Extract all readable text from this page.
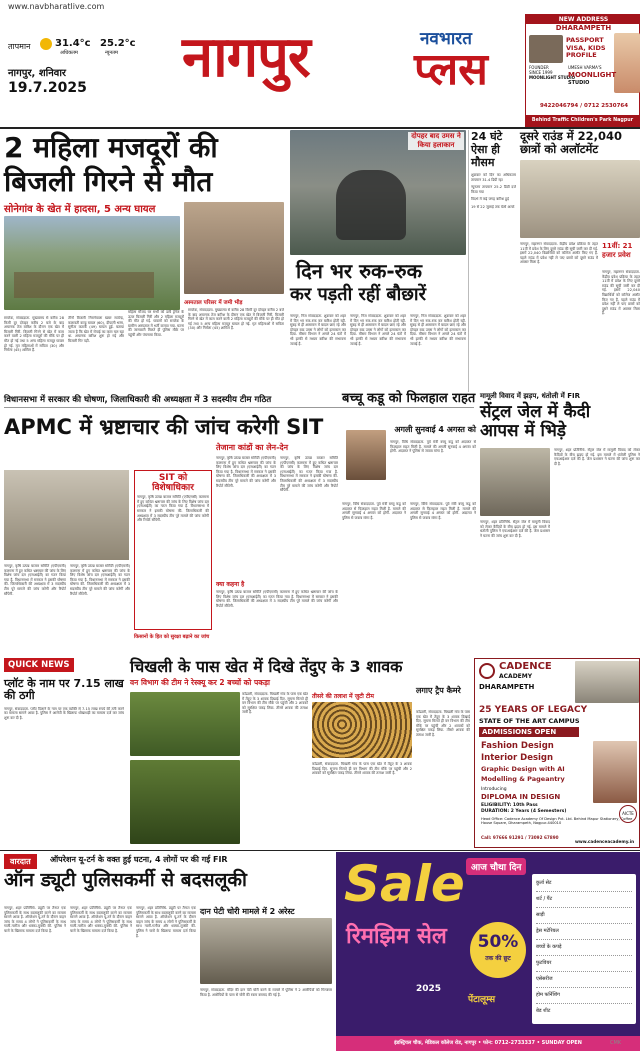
www.navbharatlive.com
तापमान 31.4°c
अधिकतम
25.2°c
न्यूनतम
नागपुर, शनिवार
19.7.2025 नागपुर	नवभारत
प्लस
NEW ADDRESS
DHARAMPETH
PASSPORT
VISA, KIDS
PROFILE
FOUNDER
SINCE 1999
MOONLIGHT STUDIO
UMESH VARMA'S
MOONLIGHT
STUDIO
9422046794 / 0712 2530764
Behind Traffic Children's Park Nagpur
2 महिला मजदूरों की
बिजली गिरने से मौत
सोनेगांव के खेत में हादसा, 5 अन्य घायल
अस्पताल परिसर में जमी भीड़
रामटेक, संवाददाता. मुख्यालय से करीब 28 किमी दूर दोपहर करीब 2 बजे के बाद अचानक तेज बारिश के दौरान एक खेत में बिजली गिरी. बिजली गिरने से खेत में काम करने वाली 2 महिला मजदूरों की मौके पर ही मौत हो गई तथा 5 अन्य महिला मजदूर घायल हो गईं. मृत महिलाओं में सविता (30) और निर्मला (45) शामिल हैं.
तीनों बिजली गिरानेवाला खबर सत्येन्द्र, कलावती करड़ू घायल (60), दीपाली भस्म, सुनीता कटाके (49) घायल हुईं. बताया जाता है कि खेत में रोपाई का काम चल रहा था. अचानक बारिश शुरू हो गई और बिजली गिर पड़ी.
महिला मौजद घर सभी को डाबै ड्रेनेज के ऊपर बिजली गिरी और 2 महिला मजदूरों की मौत हो गई. घायलों को रामटेक के ग्रामीण अस्पताल में भर्ती कराया गया. घटना की जानकारी मिलते ही पुलिस मौके पर पहुंची और पंचनामा किया.
रामटेक, संवाददाता. मुख्यालय से करीब 28 किमी दूर दोपहर करीब 2 बजे के बाद अचानक तेज बारिश के दौरान एक खेत में बिजली गिरी. बिजली गिरने से खेत में काम करने वाली 2 महिला मजदूरों की मौके पर ही मौत हो गई तथा 5 अन्य महिला मजदूर घायल हो गईं. मृत महिलाओं में सविता (30) और निर्मला (45) शामिल हैं.
दोपहर बाद उमस ने किया हलाकान
दिन भर रुक-रुक
कर पड़ती रहीं बौछारें
नागपुर, निज संवाददाता. शुक्रवार को शहर में दिन भर रुक-रुक कर बारिश होती रही. सुबह से ही आसमान में बादल छाए रहे और दोपहर बाद उमस ने लोगों को हलाकान कर दिया. मौसम विभाग ने अगले 24 घंटों में भी हल्की से मध्यम बारिश की संभावना जताई है.
नागपुर, निज संवाददाता. शुक्रवार को शहर में दिन भर रुक-रुक कर बारिश होती रही. सुबह से ही आसमान में बादल छाए रहे और दोपहर बाद उमस ने लोगों को हलाकान कर दिया. मौसम विभाग ने अगले 24 घंटों में भी हल्की से मध्यम बारिश की संभावना जताई है.
नागपुर, निज संवाददाता. शुक्रवार को शहर में दिन भर रुक-रुक कर बारिश होती रही. सुबह से ही आसमान में बादल छाए रहे और दोपहर बाद उमस ने लोगों को हलाकान कर दिया. मौसम विभाग ने अगले 24 घंटों में भी हल्की से मध्यम बारिश की संभावना जताई है.
24 घंटे ऐसा ही मौसम
शुक्रवार को दिन का अधिकतम तापमान 31.4 डिग्री रहा
न्यूनतम तापमान 25.2 डिग्री दर्ज किया गया
विदर्भ में कई जगह बारिश हुई
19 से 22 जुलाई तक येलो अलर्ट
दूसरे राउंड में 22,040
छात्रों को अलॉटमेंट
नागपुर, महानगर संवाददाता. केंद्रीय प्रवेश प्रक्रिया के तहत 11वीं में प्रवेश के लिए दूसरे राउंड की सूची जारी कर दी गई. इसमें 22,040 विद्यार्थियों को कॉलेज अलॉट किए गए हैं. पहले राउंड में प्रवेश नहीं ले पाए छात्रों को दूसरे राउंड में अवसर मिला है.
11वीं: 21 हजार प्रवेश
नागपुर, महानगर संवाददाता. केंद्रीय प्रवेश प्रक्रिया के तहत 11वीं में प्रवेश के लिए दूसरे राउंड की सूची जारी कर दी गई. इसमें 22,040 विद्यार्थियों को कॉलेज अलॉट किए गए हैं. पहले राउंड में प्रवेश नहीं ले पाए छात्रों को दूसरे राउंड में अवसर मिला है.
विधानसभा में सरकार की घोषणा, जिलाधिकारी की अध्यक्षता में 3 सदस्यीय टीम गठित
APMC में भ्रष्टाचार की जांच करेगी SIT
SIT को विशेषाधिकार
नागपुर, कृषि उत्पन्न बाजार समिति (एपीएमसी) कलमना में हुए कथित भ्रष्टाचार की जांच के लिए विशेष जांच दल (एसआईटी) का गठन किया गया है. विधानसभा में सरकार ने इसकी घोषणा की. जिलाधिकारी की अध्यक्षता में 3 सदस्यीय टीम पूरे मामले की जांच करेगी और रिपोर्ट सौंपेगी.
नागपुर, कृषि उत्पन्न बाजार समिति (एपीएमसी) कलमना में हुए कथित भ्रष्टाचार की जांच के लिए विशेष जांच दल (एसआईटी) का गठन किया गया है. विधानसभा में सरकार ने इसकी घोषणा की. जिलाधिकारी की अध्यक्षता में 3 सदस्यीय टीम पूरे मामले की जांच करेगी और रिपोर्ट सौंपेगी.
नागपुर, कृषि उत्पन्न बाजार समिति (एपीएमसी) कलमना में हुए कथित भ्रष्टाचार की जांच के लिए विशेष जांच दल (एसआईटी) का गठन किया गया है. विधानसभा में सरकार ने इसकी घोषणा की. जिलाधिकारी की अध्यक्षता में 3 सदस्यीय टीम पूरे मामले की जांच करेगी और रिपोर्ट सौंपेगी.
तेजाना कांडों का लेन-देन
नागपुर, कृषि उत्पन्न बाजार समिति (एपीएमसी) कलमना में हुए कथित भ्रष्टाचार की जांच के लिए विशेष जांच दल (एसआईटी) का गठन किया गया है. विधानसभा में सरकार ने इसकी घोषणा की. जिलाधिकारी की अध्यक्षता में 3 सदस्यीय टीम पूरे मामले की जांच करेगी और रिपोर्ट सौंपेगी.
नागपुर, कृषि उत्पन्न बाजार समिति (एपीएमसी) कलमना में हुए कथित भ्रष्टाचार की जांच के लिए विशेष जांच दल (एसआईटी) का गठन किया गया है. विधानसभा में सरकार ने इसकी घोषणा की. जिलाधिकारी की अध्यक्षता में 3 सदस्यीय टीम पूरे मामले की जांच करेगी और रिपोर्ट सौंपेगी.
क्या कहना है
नागपुर, कृषि उत्पन्न बाजार समिति (एपीएमसी) कलमना में हुए कथित भ्रष्टाचार की जांच के लिए विशेष जांच दल (एसआईटी) का गठन किया गया है. विधानसभा में सरकार ने इसकी घोषणा की. जिलाधिकारी की अध्यक्षता में 3 सदस्यीय टीम पूरे मामले की जांच करेगी और रिपोर्ट सौंपेगी.
किसानों के हित को सुरक्षा बढ़ाने का जांच
बच्चू कडू को फिलहाल राहत
अगली सुनवाई 4 अगस्त को
नागपुर, विधि संवाददाता. पूर्व मंत्री बच्चू कडू को अदालत से फिलहाल राहत मिली है. मामले की अगली सुनवाई 4 अगस्त को होगी. अदालत ने पुलिस से जवाब मांगा है.
नागपुर, विधि संवाददाता. पूर्व मंत्री बच्चू कडू को अदालत से फिलहाल राहत मिली है. मामले की अगली सुनवाई 4 अगस्त को होगी. अदालत ने पुलिस से जवाब मांगा है.
नागपुर, विधि संवाददाता. पूर्व मंत्री बच्चू कडू को अदालत से फिलहाल राहत मिली है. मामले की अगली सुनवाई 4 अगस्त को होगी. अदालत ने पुलिस से जवाब मांगा है.
मामूली विवाद में झड़प, धंतोली में FIR
सेंट्रल जेल में कैदी
आपस में भिड़े
नागपुर, शहर प्रतिनिधि. सेंट्रल जेल में मामूली विवाद को लेकर कैदियों के बीच झड़प हो गई. इस मामले में धंतोली पुलिस ने एफआईआर दर्ज की है. जेल प्रशासन ने घटना की जांच शुरू कर दी है.
नागपुर, शहर प्रतिनिधि. सेंट्रल जेल में मामूली विवाद को लेकर कैदियों के बीच झड़प हो गई. इस मामले में धंतोली पुलिस ने एफआईआर दर्ज की है. जेल प्रशासन ने घटना की जांच शुरू कर दी है.
QUICK NEWS
प्लॉट के नाम पर 7.15 लाख की ठगी
नागपुर, संवाददाता. प्लॉट दिलाने के नाम पर एक व्यक्ति से 7.15 लाख रुपये की ठगी करने का मामला सामने आया है. पुलिस ने आरोपी के खिलाफ धोखाधड़ी का मामला दर्ज कर जांच शुरू कर दी है.
चिखली के पास खेत में दिखे तेंदुए के 3 शावक
वन विभाग की टीम ने रेस्क्यू कर 2 बच्चों को पकड़ा
कोंढाली, संवाददाता. चिखली गांव के पास एक खेत में तेंदुए के 3 शावक दिखाई दिए. सूचना मिलते ही वन विभाग की टीम मौके पर पहुंची और 2 शावकों को सुरक्षित पकड़ लिया. तीसरे शावक की तलाश जारी है.
तीसरे की तलाश में जुटी टीम
कोंढाली, संवाददाता. चिखली गांव के पास एक खेत में तेंदुए के 3 शावक दिखाई दिए. सूचना मिलते ही वन विभाग की टीम मौके पर पहुंची और 2 शावकों को सुरक्षित पकड़ लिया. तीसरे शावक की तलाश जारी है.
लगाए ट्रैप कैमरे
कोंढाली, संवाददाता. चिखली गांव के पास एक खेत में तेंदुए के 3 शावक दिखाई दिए. सूचना मिलते ही वन विभाग की टीम मौके पर पहुंची और 2 शावकों को सुरक्षित पकड़ लिया. तीसरे शावक की तलाश जारी है.
CADENCE
ACADEMY
DHARAMPETH
25 YEARS OF LEGACY
STATE OF THE ART CAMPUS
ADMISSIONS OPEN
Fashion Design
Interior Design
Graphic Design with AI
Modelling & Pageantry
Introducing
DIPLOMA IN DESIGN
ELIGIBILITY: 10th Pass
DURATION: 2 Years (4 Semesters)
Head Office: Cadence Academy Of Design Pvt. Ltd. Behind Mapur Stationery, Coffee House Square, Dharampeth, Nagpur-440010
Call: 97666 91291 / 73092 67890
www.cadenceacademy.in
AICTE
वारदात	ऑपरेशन यू-टर्न के वक्त हुई घटना, 4 लोगों पर की गई FIR
ऑन ड्यूटी पुलिसकर्मी से बदसलूकी
नागपुर, शहर प्रतिनिधि. ड्यूटी पर तैनात एक पुलिसकर्मी के साथ बदसलूकी करने का मामला सामने आया है. ऑपरेशन यू-टर्न के दौरान वाहन जांच के समय 4 लोगों ने पुलिसकर्मी के साथ गाली-गलौज और धक्का-मुक्की की. पुलिस ने चारों के खिलाफ मामला दर्ज किया है.
नागपुर, शहर प्रतिनिधि. ड्यूटी पर तैनात एक पुलिसकर्मी के साथ बदसलूकी करने का मामला सामने आया है. ऑपरेशन यू-टर्न के दौरान वाहन जांच के समय 4 लोगों ने पुलिसकर्मी के साथ गाली-गलौज और धक्का-मुक्की की. पुलिस ने चारों के खिलाफ मामला दर्ज किया है.
नागपुर, शहर प्रतिनिधि. ड्यूटी पर तैनात एक पुलिसकर्मी के साथ बदसलूकी करने का मामला सामने आया है. ऑपरेशन यू-टर्न के दौरान वाहन जांच के समय 4 लोगों ने पुलिसकर्मी के साथ गाली-गलौज और धक्का-मुक्की की. पुलिस ने चारों के खिलाफ मामला दर्ज किया है.
दान पेटी चोरी मामले में 2 अरेस्ट
नागपुर, संवाददाता. मंदिर की दान पेटी चोरी करने के मामले में पुलिस ने 2 आरोपियों को गिरफ्तार किया है. आरोपियों के पास से चोरी की रकम बरामद की गई है.
Sale आज चौथा दिन
रिमझिम सेल
2025
50%
तक की छूट
पेंटालूम्स
कुर्ता सेट
शर्ट / पैंट
साड़ी
ड्रेस मटेरियल
बच्चों के कपड़े
फुटवियर
एसेसरीज
होम फर्निशिंग
बेड शीट
इंडस्ट्रियल चौक, मेडिकल कॉलेज रोड, नागपुर • फोन: 0712-2733337 • SUNDAY OPEN	CMK
